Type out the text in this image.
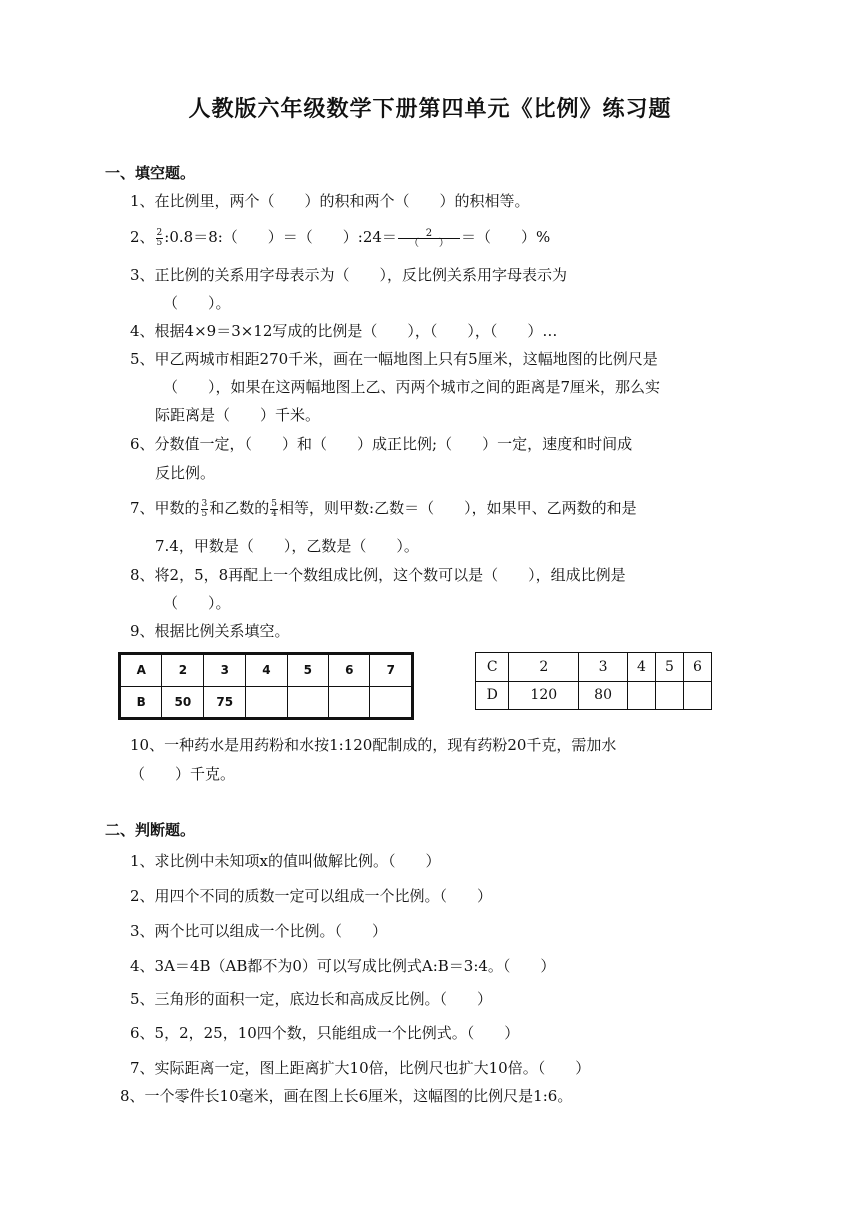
人教版六年级数学下册第四单元《比例》练习题
一、填空题。
1、在比例里，两个（　　）的积和两个（　　）的积相等。
2、 $\frac{2}{5}$ :0.8＝8:（　　）＝（　　）:24＝ $\frac{2}{( )}$ ＝（　　）%
3、正比例的关系用字母表示为（　　），反比例关系用字母表示为
（　　）。
4、根据4×9＝3×12写成的比例是（　　），（　　），（　　）…
5、甲乙两城市相距270千米，画在一幅地图上只有5厘米，这幅地图的比例尺是
（　　），如果在这两幅地图上乙、丙两个城市之间的距离是7厘米，那么实
际距离是（　　）千米。
6、分数值一定，（　　）和（　　）成正比例;（　　）一定，速度和时间成
反比例。
7、甲数的 $\frac{3}{5}$ 和乙数的 $\frac{5}{4}$ 相等，则甲数:乙数＝（　　），如果甲、乙两数的和是
7.4，甲数是（　　），乙数是（　　）。
8、将2，5，8再配上一个数组成比例，这个数可以是（　　），组成比例是
（　　）。
9、根据比例关系填空。
A	2	3	4	5	6	7
B	50	75				
C	2	3	4	5	6
D	120	80			
10、一种药水是用药粉和水按1:120配制成的，现有药粉20千克，需加水
（　　）千克。
二、判断题。
1、求比例中未知项x的值叫做解比例。（　　）
2、用四个不同的质数一定可以组成一个比例。（　　）
3、两个比可以组成一个比例。（　　）
4、3A＝4B（AB都不为0）可以写成比例式A:B＝3:4。（　　）
5、三角形的面积一定，底边长和高成反比例。（　　）
6、5，2，25，10四个数，只能组成一个比例式。（　　）
7、实际距离一定，图上距离扩大10倍，比例尺也扩大10倍。（　　）
8、一个零件长10毫米，画在图上长6厘米，这幅图的比例尺是1:6。
